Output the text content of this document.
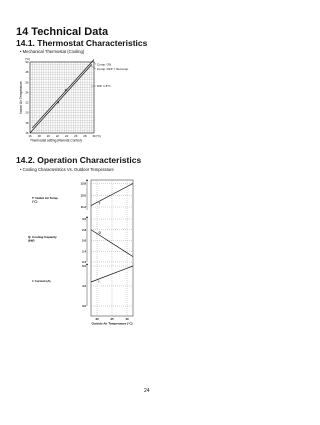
14 Technical Data
14.1. Thermostat Characteristics
• Mechanical Thermostat (Cooling)
14.2. Operation Characteristics
• Cooling Characteristics Vs. Outdoor Temperature
24
16 18 20 22 24 26 28 30
16
18
20
22
24
26
28
30
(°C)
(°C)
Thermostat setting (Remote Control)
Indoor Air Temperature
Comp. ON
Comp. OFF = Set temp.
Diff. 1.5°C
30	35	40
Outside Air Temperature (°C)
12.8
12.0
11.2
T
T: Outlet Air Temp.
(°C)
3.0
2.8
2.6
2.4
2.2
Q
Q: Cooling Capacity
(kW)
5.0
4.0
3.0
I
I: Current (A)
